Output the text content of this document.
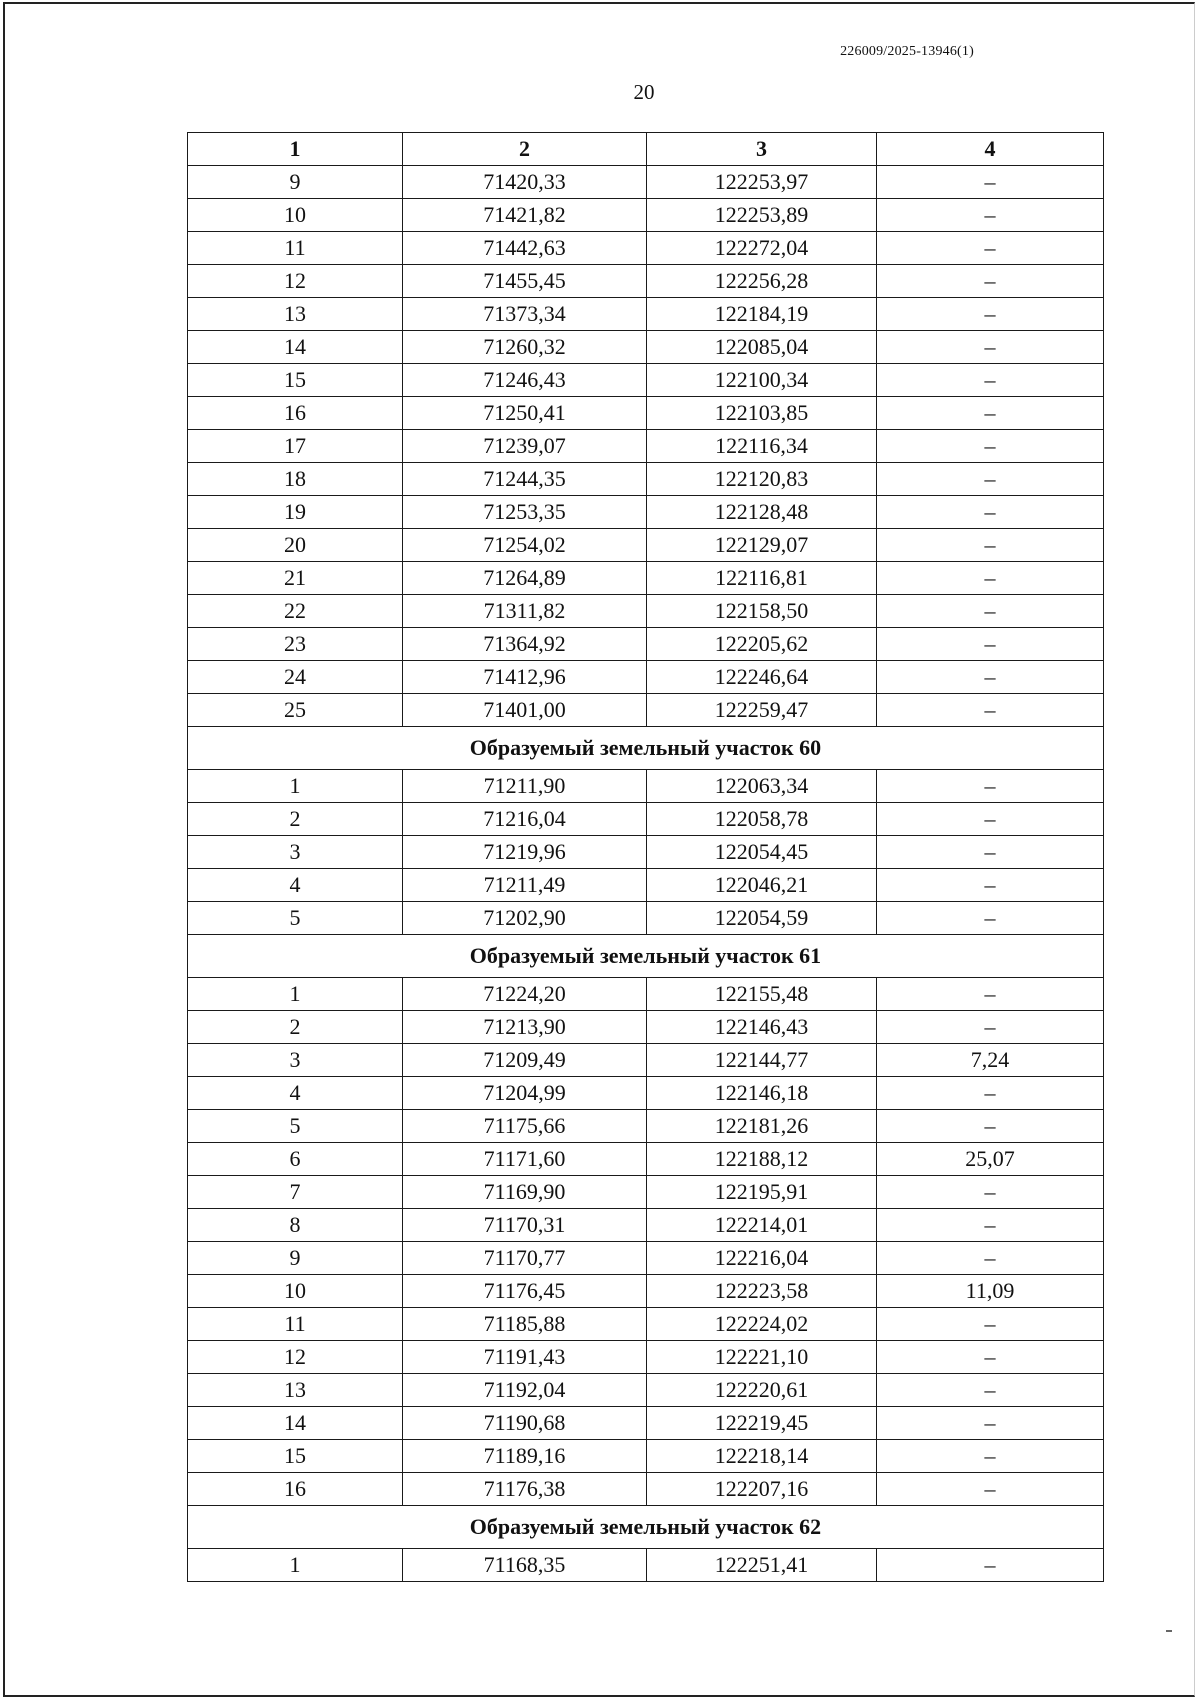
226009/2025-13946(1)
20
1	2	3	4
9	71420,33	122253,97	–
10	71421,82	122253,89	–
11	71442,63	122272,04	–
12	71455,45	122256,28	–
13	71373,34	122184,19	–
14	71260,32	122085,04	–
15	71246,43	122100,34	–
16	71250,41	122103,85	–
17	71239,07	122116,34	–
18	71244,35	122120,83	–
19	71253,35	122128,48	–
20	71254,02	122129,07	–
21	71264,89	122116,81	–
22	71311,82	122158,50	–
23	71364,92	122205,62	–
24	71412,96	122246,64	–
25	71401,00	122259,47	–
Образуемый земельный участок 60			
1	71211,90	122063,34	–
2	71216,04	122058,78	–
3	71219,96	122054,45	–
4	71211,49	122046,21	–
5	71202,90	122054,59	–
Образуемый земельный участок 61			
1	71224,20	122155,48	–
2	71213,90	122146,43	–
3	71209,49	122144,77	7,24
4	71204,99	122146,18	–
5	71175,66	122181,26	–
6	71171,60	122188,12	25,07
7	71169,90	122195,91	–
8	71170,31	122214,01	–
9	71170,77	122216,04	–
10	71176,45	122223,58	11,09
11	71185,88	122224,02	–
12	71191,43	122221,10	–
13	71192,04	122220,61	–
14	71190,68	122219,45	–
15	71189,16	122218,14	–
16	71176,38	122207,16	–
Образуемый земельный участок 62			
1	71168,35	122251,41	–
